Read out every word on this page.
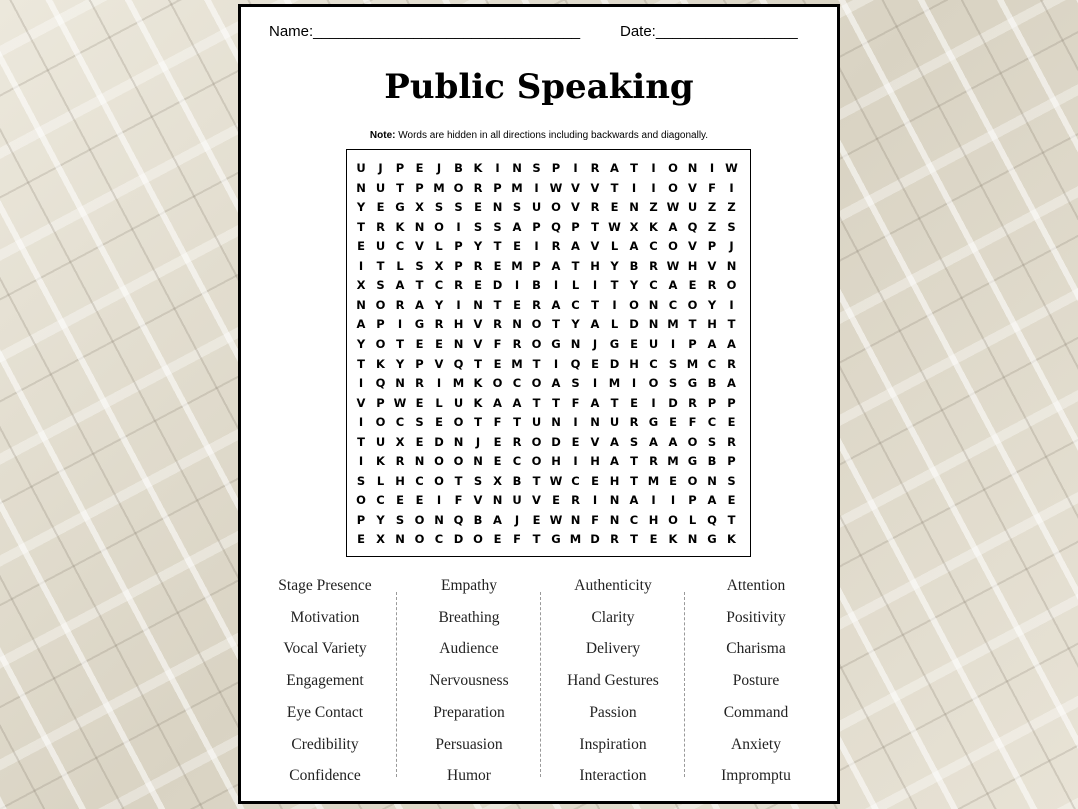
Name:________________________________	Date:_________________
Public Speaking
Note: Words are hidden in all directions including backwards and diagonally.
U	J	P E	J	B K	I	N S P	I	R A T	I	O N	I W
N U T P M O R P M	I W V V T	I	I	O V F	I
Y E G X S S E N S U O V R E N Z W U Z Z
T R K N O	I	S S A P Q P T W X K A Q Z S
E U C V L	P Y T	E	I	R A V L A C O V P	J
I	T	L	S X P R E M P A T H Y B R W H V N
X S A T C R E D	I	B	I	L	I	T Y C A E R O
N O R A Y	I	N T	E R A C T	I	O N C O Y	I
A P	I	G R H V R N O T Y A L D N M T H T
Y O T	E	E N V F R O G N	J	G E U	I	P A A
T K Y P V Q T	E M T	I	Q E D H C S M C R
I	Q N R	I	M K O C O A S	I	M	I	O S G B A
V P W E	L U K A A T	T	F A T	E	I	D R P P
I	O C S E O T	F	T U N	I	N U R G E	F C E
T U X E D N	J	E R O D E V A S A A O S R
I	K R N O O N E C O H	I	H A T R M G B P
S	L H C O T S X B T W C E H T M E O N S
O C E	E	I	F V N U V E R	I	N A	I	I	P A E
P Y S O N Q B A	J	E W N F N C H O L Q T
E X N O C D O E	F	T G M D R T	E K N G K
Stage Presence
Motivation
Vocal Variety
Engagement
Eye Contact
Credibility
Confidence
Empathy
Breathing
Audience
Nervousness
Preparation
Persuasion
Humor
Authenticity
Clarity
Delivery
Hand Gestures
Passion
Inspiration
Interaction
Attention
Positivity
Charisma
Posture
Command
Anxiety
Impromptu
